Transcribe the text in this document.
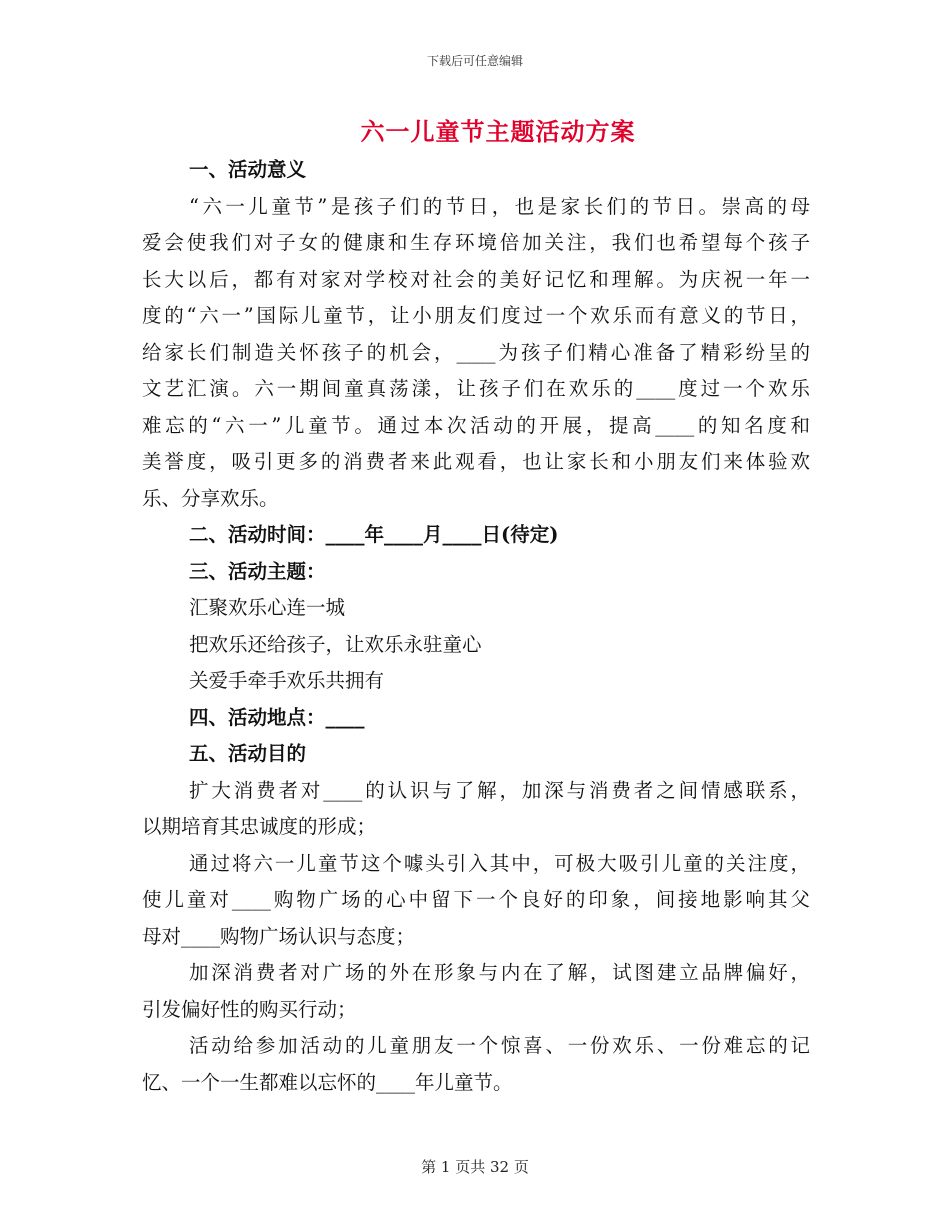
下载后可任意编辑
六一儿童节主题活动方案

一、活动意义

“六一儿童节”是孩子们的节日，也是家长们的节日。崇高的母

爱会使我们对子女的健康和生存环境倍加关注，我们也希望每个孩子

长大以后，都有对家对学校对社会的美好记忆和理解。为庆祝一年一

度的“六一”国际儿童节，让小朋友们度过一个欢乐而有意义的节日，

给家长们制造关怀孩子的机会，____为孩子们精心准备了精彩纷呈的

文艺汇演。六一期间童真荡漾，让孩子们在欢乐的____度过一个欢乐

难忘的“六一”儿童节。通过本次活动的开展，提高____的知名度和

美誉度，吸引更多的消费者来此观看，也让家长和小朋友们来体验欢

乐、分享欢乐。

二、活动时间：____年____月____日(待定)

三、活动主题：

汇聚欢乐心连一城

把欢乐还给孩子，让欢乐永驻童心

关爱手牵手欢乐共拥有

四、活动地点：____

五、活动目的

扩大消费者对____的认识与了解，加深与消费者之间情感联系，

以期培育其忠诚度的形成；

通过将六一儿童节这个噱头引入其中，可极大吸引儿童的关注度，

使儿童对____购物广场的心中留下一个良好的印象，间接地影响其父

母对____购物广场认识与态度；

加深消费者对广场的外在形象与内在了解，试图建立品牌偏好，

引发偏好性的购买行动；

活动给参加活动的儿童朋友一个惊喜、一份欢乐、一份难忘的记

忆、一个一生都难以忘怀的____年儿童节。

第 1 页共 32 页
